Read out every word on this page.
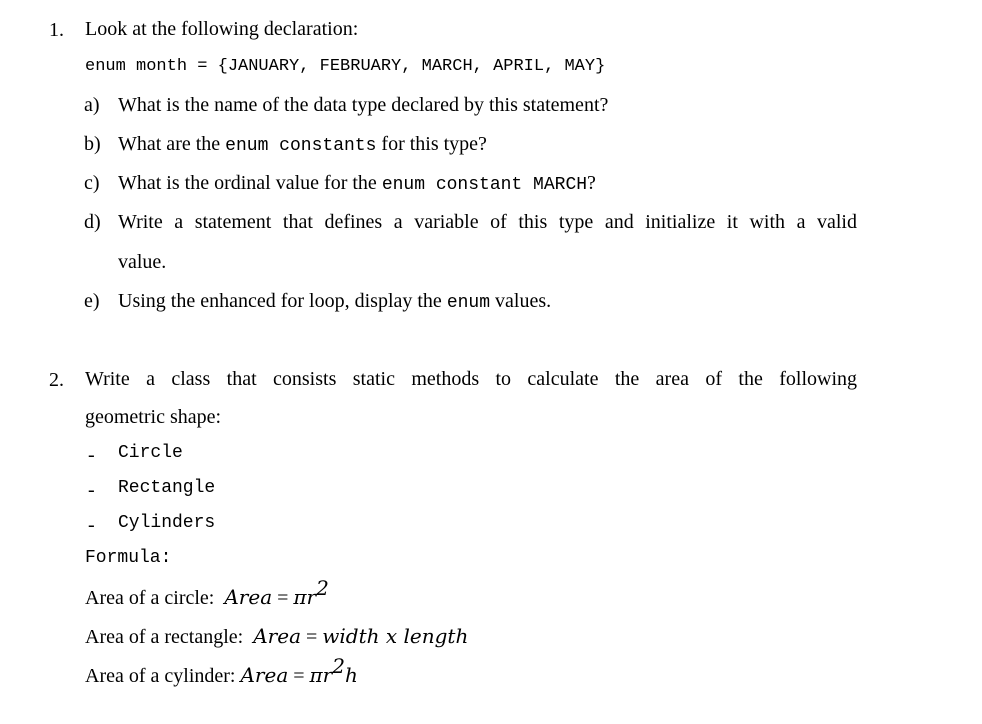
1. Look at the following declaration:
enum month = {JANUARY, FEBRUARY, MARCH, APRIL, MAY}
a) What is the name of the data type declared by this statement?
b) What are the enum constants for this type?
c) What is the ordinal value for the enum constant MARCH?
d) Write a statement that defines a variable of this type and initialize it with a valid
value.
e) Using the enhanced for loop, display the enum values.
2. Write a class that consists static methods to calculate the area of the following
geometric shape:
- Circle
- Rectangle
- Cylinders
Formula:
Area of a circle: Area = $\pi r^2$
Area of a rectangle: Area = width x length
Area of a cylinder: Area = $\pi r^2h$
